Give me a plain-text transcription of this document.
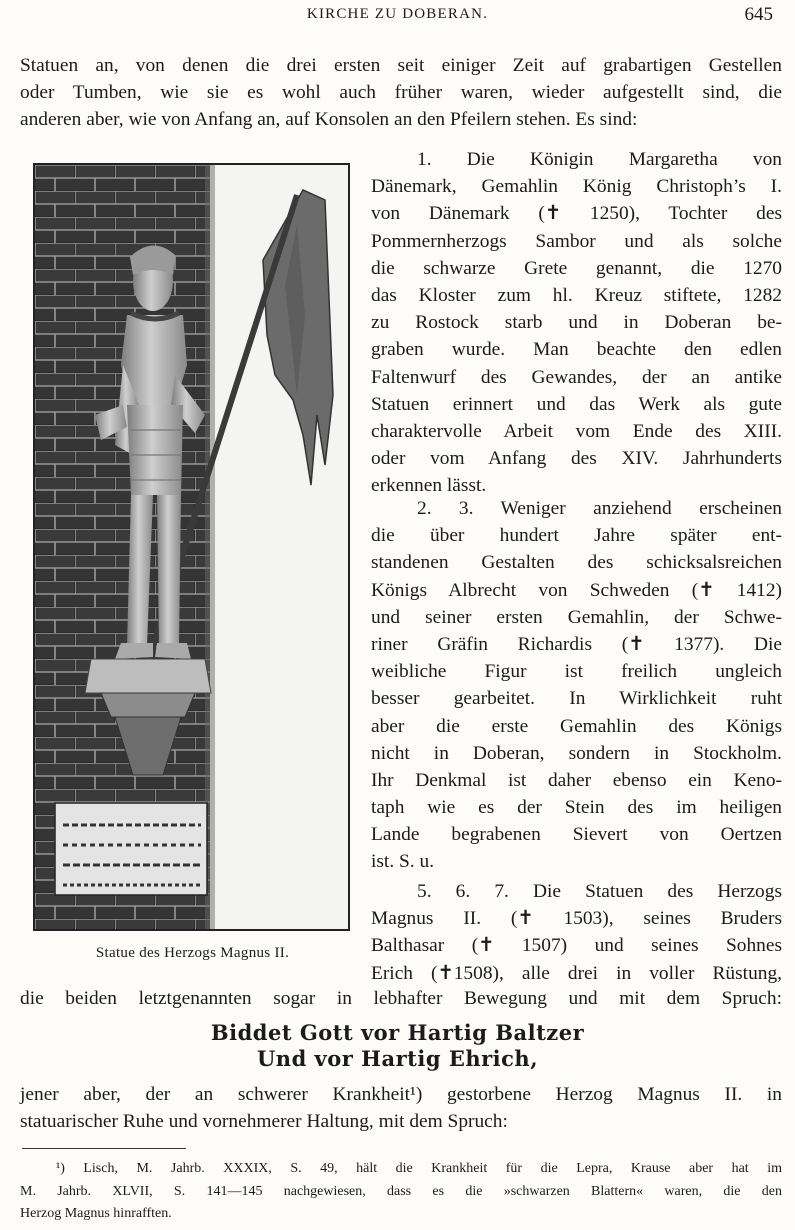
KIRCHE ZU DOBERAN.	645
Statuen an, von denen die drei ersten seit einiger Zeit auf grabartigen Gestellen
oder Tumben, wie sie es wohl auch früher waren, wieder aufgestellt sind, die
anderen aber, wie von Anfang an, auf Konsolen an den Pfeilern stehen. Es sind:
1. Die Königin Margaretha von
Dänemark, Gemahlin König Christoph’s I.
von Dänemark (✝ 1250), Tochter des
Pommernherzogs Sambor und als solche
die schwarze Grete genannt, die 1270
das Kloster zum hl. Kreuz stiftete, 1282
zu Rostock starb und in Doberan be-
graben wurde. Man beachte den edlen
Faltenwurf des Gewandes, der an antike
Statuen erinnert und das Werk als gute
charaktervolle Arbeit vom Ende des XIII.
oder vom Anfang des XIV. Jahrhunderts
erkennen lässt.
2. 3. Weniger anziehend erscheinen
die über hundert Jahre später ent-
standenen Gestalten des schicksalsreichen
Königs Albrecht von Schweden (✝ 1412)
und seiner ersten Gemahlin, der Schwe-
riner Gräfin Richardis (✝ 1377). Die
weibliche Figur ist freilich ungleich
besser gearbeitet. In Wirklichkeit ruht
aber die erste Gemahlin des Königs
nicht in Doberan, sondern in Stockholm.
Ihr Denkmal ist daher ebenso ein Keno-
taph wie es der Stein des im heiligen
Lande begrabenen Sievert von Oertzen
ist. S. u.
5. 6. 7. Die Statuen des Herzogs
Magnus II. (✝ 1503), seines Bruders
Balthasar (✝ 1507) und seines Sohnes
Erich (✝1508), alle drei in voller Rüstung,
die beiden letztgenannten sogar in lebhafter Bewegung und mit dem Spruch:
Biddet Gott vor Hartig Baltzer
Und vor Hartig Ehrich,
jener aber, der an schwerer Krankheit¹) gestorbene Herzog Magnus II. in
statuarischer Ruhe und vornehmerer Haltung, mit dem Spruch:
Statue des Herzogs Magnus II.
¹) Lisch, M. Jahrb. XXXIX, S. 49, hält die Krankheit für die Lepra, Krause aber hat im
M. Jahrb. XLVII, S. 141—145 nachgewiesen, dass es die »schwarzen Blattern« waren, die den
Herzog Magnus hinrafften.
